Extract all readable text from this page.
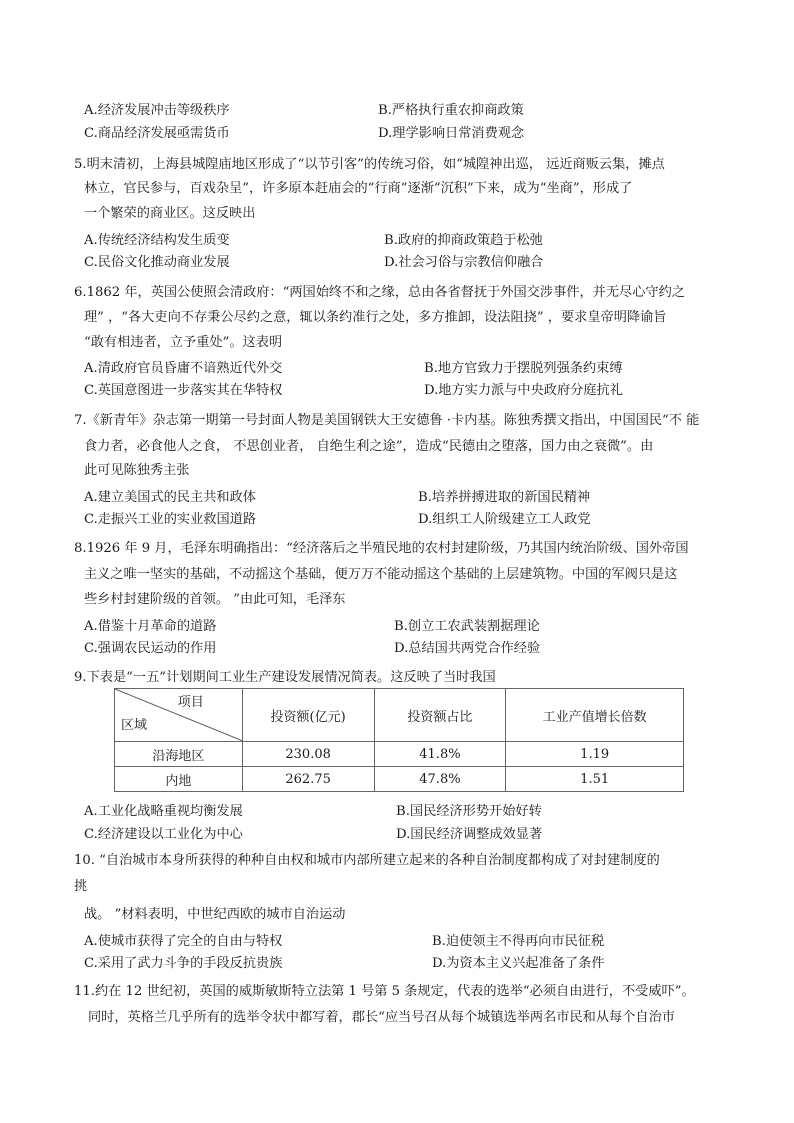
A.经济发展冲击等级秩序	B.严格执行重农抑商政策
C.商品经济发展亟需货币	D.理学影响日常消费观念
5.明末清初，上海县城隍庙地区形成了“以节引客”的传统习俗，如“城隍神出巡， 远近商贩云集，摊点
林立，官民参与，百戏杂呈”，许多原本赶庙会的“行商”逐渐“沉积”下来，成为“坐商”，形成了
一个繁荣的商业区。这反映出
A.传统经济结构发生质变	B.政府的抑商政策趋于松弛
C.民俗文化推动商业发展	D.社会习俗与宗教信仰融合
6.1862 年，英国公使照会清政府：“两国始终不和之缘，总由各省督抚于外国交涉事件，并无尽心守约之
理” ，“各大吏向不存秉公尽约之意，辄以条约准行之处，多方推卸，设法阻挠” ，要求皇帝明降谕旨
“敢有相违者，立予重处”。这表明
A.清政府官员昏庸不谙熟近代外交	B.地方官致力于摆脱列强条约束缚
C.英国意图进一步落实其在华特权	D.地方实力派与中央政府分庭抗礼
7.《新青年》杂志第一期第一号封面人物是美国钢铁大王安德鲁 ·卡内基。陈独秀撰文指出，中国国民“不 能
食力者，必食他人之食， 不思创业者， 自绝生利之途”，造成“民德由之堕落，国力由之衰微”。由
此可见陈独秀主张
A.建立美国式的民主共和政体	B.培养拼搏进取的新国民精神
C.走振兴工业的实业救国道路	D.组织工人阶级建立工人政党
8.1926 年 9 月，毛泽东明确指出：“经济落后之半殖民地的农村封建阶级，乃其国内统治阶级、国外帝国
主义之唯一坚实的基础，不动摇这个基础，便万万不能动摇这个基础的上层建筑物。中国的军阀只是这
些乡村封建阶级的首领。 ”由此可知，毛泽东
A.借鉴十月革命的道路	B.创立工农武装割据理论
C.强调农民运动的作用	D.总结国共两党合作经验
9.下表是“一五”计划期间工业生产建设发展情况简表。这反映了当时我国
项目
区域	投资额(亿元)	投资额占比	工业产值增长倍数
沿海地区	230.08	41.8%	1.19
内地	262.75	47.8%	1.51
A.工业化战略重视均衡发展	B.国民经济形势开始好转
C.经济建设以工业化为中心	D.国民经济调整成效显著
10. “自治城市本身所获得的种种自由权和城市内部所建立起来的各种自治制度都构成了对封建制度的
挑
战。 ”材料表明，中世纪西欧的城市自治运动
A.使城市获得了完全的自由与特权	B.迫使领主不得再向市民征税
C.采用了武力斗争的手段反抗贵族	D.为资本主义兴起准备了条件
11.约在 12 世纪初，英国的威斯敏斯特立法第 1 号第 5 条规定，代表的选举“必须自由进行，不受威吓”。
同时，英格兰几乎所有的选举令状中都写着，郡长“应当号召从每个城镇选举两名市民和从每个自治市
